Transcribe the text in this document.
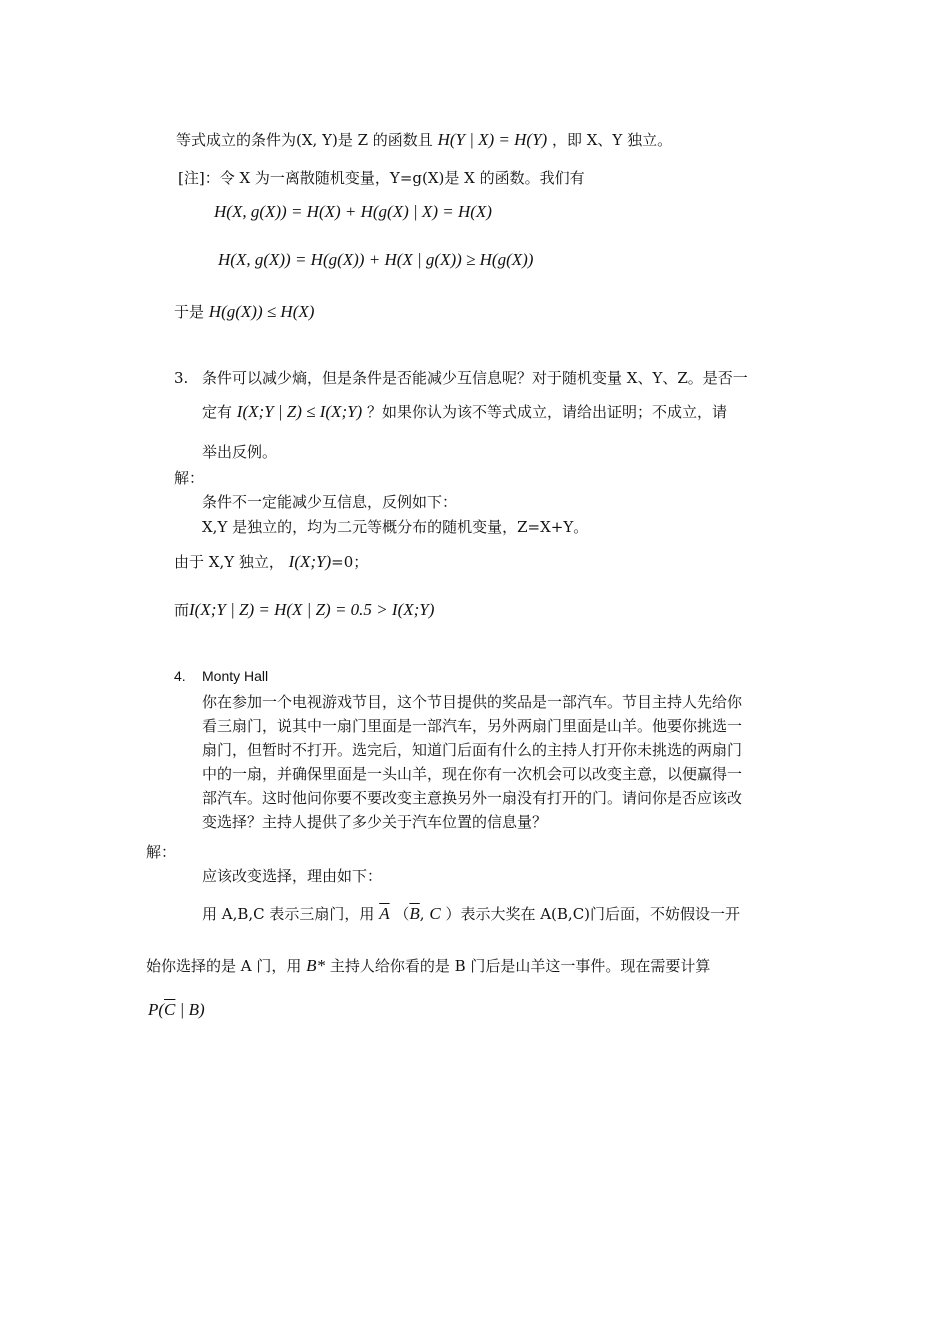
等式成立的条件为(X, Y)是 Z 的函数且 H(Y | X) = H(Y) ，即 X、Y 独立。
[注]：令 X 为一离散随机变量，Y=g(X)是 X 的函数。我们有
H(X, g(X)) = H(X) + H(g(X) | X) = H(X)
H(X, g(X)) = H(g(X)) + H(X | g(X)) ≥ H(g(X))
于是 H(g(X)) ≤ H(X)
3. 条件可以减少熵，但是条件是否能减少互信息呢？对于随机变量 X、Y、Z。是否一
定有 I(X;Y | Z) ≤ I(X;Y) ？如果你认为该不等式成立，请给出证明；不成立，请
举出反例。
解：
条件不一定能减少互信息，反例如下：
X,Y 是独立的，均为二元等概分布的随机变量，Z=X+Y。
由于 X,Y 独立， I(X;Y)=0；
而I(X;Y | Z) = H(X | Z) = 0.5 > I(X;Y)
4. Monty Hall
你在参加一个电视游戏节目，这个节目提供的奖品是一部汽车。节目主持人先给你
看三扇门，说其中一扇门里面是一部汽车，另外两扇门里面是山羊。他要你挑选一
扇门，但暂时不打开。选完后，知道门后面有什么的主持人打开你未挑选的两扇门
中的一扇，并确保里面是一头山羊，现在你有一次机会可以改变主意，以便赢得一
部汽车。这时他问你要不要改变主意换另外一扇没有打开的门。请问你是否应该改
变选择？主持人提供了多少关于汽车位置的信息量？
解：
应该改变选择，理由如下：
用 A,B,C 表示三扇门，用 $\overline{A}$ （$\overline{B}$, C ）表示大奖在 A(B,C)门后面，不妨假设一开
始你选择的是 A 门，用 B* 主持人给你看的是 B 门后是山羊这一事件。现在需要计算
$P(\overline{C}$ | B)
